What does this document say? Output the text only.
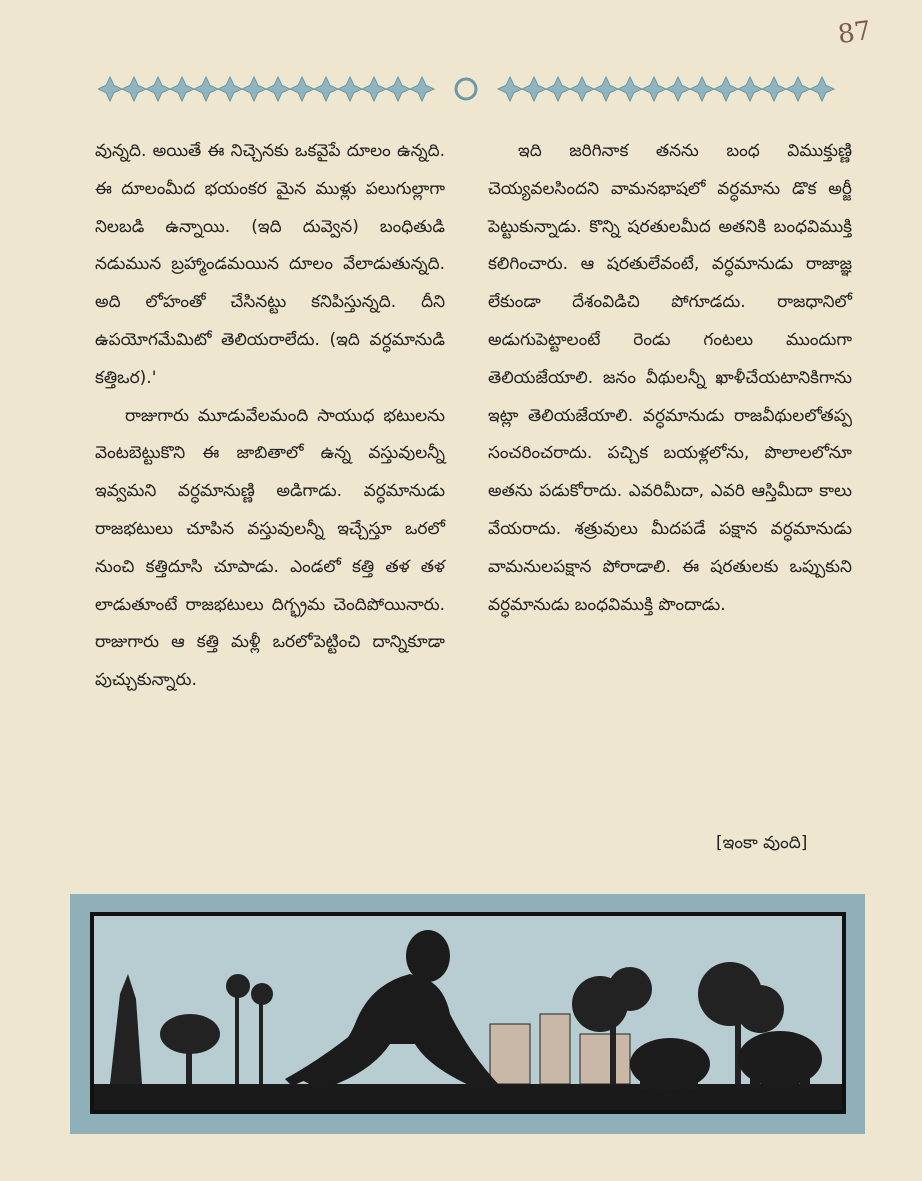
87

వున్నది. అయితే ఈ నిచ్చెనకు ఒకవైపే దూలం ఉన్నది. ఈ దూలంమీద భయంకర మైన ముళ్లు పలుగుల్లాగా నిలబడి ఉన్నాయి. (ఇది దువ్వెన) బంధితుడి నడుమున బ్రహ్మాండమయిన దూలం వేలాడుతున్నది. అది లోహంతో చేసినట్టు కనిపిస్తున్నది. దీని ఉపయోగమేమిటో తెలియరాలేదు. (ఇది వర్ధమానుడి కత్తిఒర).'

రాజుగారు మూడువేలమంది సాయుధ భటులను వెంటబెట్టుకొని ఈ జాబితాలో ఉన్న వస్తువులన్నీ ఇవ్వమని వర్ధమానుణ్ణి అడిగాడు. వర్ధమానుడు రాజభటులు చూపిన వస్తువులన్నీ ఇచ్చేస్తూ ఒరలో నుంచి కత్తిదూసి చూపాడు. ఎండలో కత్తి తళ తళ లాడుతూంటే రాజభటులు దిగ్భ్రమ చెందిపోయినారు. రాజుగారు ఆ కత్తి మళ్లీ ఒరలోపెట్టించి దాన్నికూడా పుచ్చుకున్నారు.

ఇది జరిగినాక తనను బంధ విముక్తుణ్ణి చెయ్యవలసిందని వామనభాషలో వర్ధమాను డొక అర్జీ పెట్టుకున్నాడు. కొన్ని షరతులమీద అతనికి బంధవిముక్తి కలిగించారు. ఆ షరతులేవంటే, వర్ధమానుడు రాజాజ్ఞ లేకుండా దేశంవిడిచి పోగూడదు. రాజధానిలో అడుగుపెట్టాలంటే రెండు గంటలు ముందుగా తెలియజేయాలి. జనం వీథులన్నీ ఖాళీచేయటానికిగాను ఇట్లా తెలియజేయాలి. వర్ధమానుడు రాజవీథులలోతప్ప సంచరించరాదు. పచ్చిక బయళ్లలోను, పొలాలలోనూ అతను పడుకోరాదు. ఎవరిమీదా, ఎవరి ఆస్తిమీదా కాలు వేయరాదు. శత్రువులు మీదపడే పక్షాన వర్ధమానుడు వామనులపక్షాన పోరాడాలి. ఈ షరతులకు ఒప్పుకుని వర్ధమానుడు బంధవిముక్తి పొందాడు.

[ఇంకా వుంది]
